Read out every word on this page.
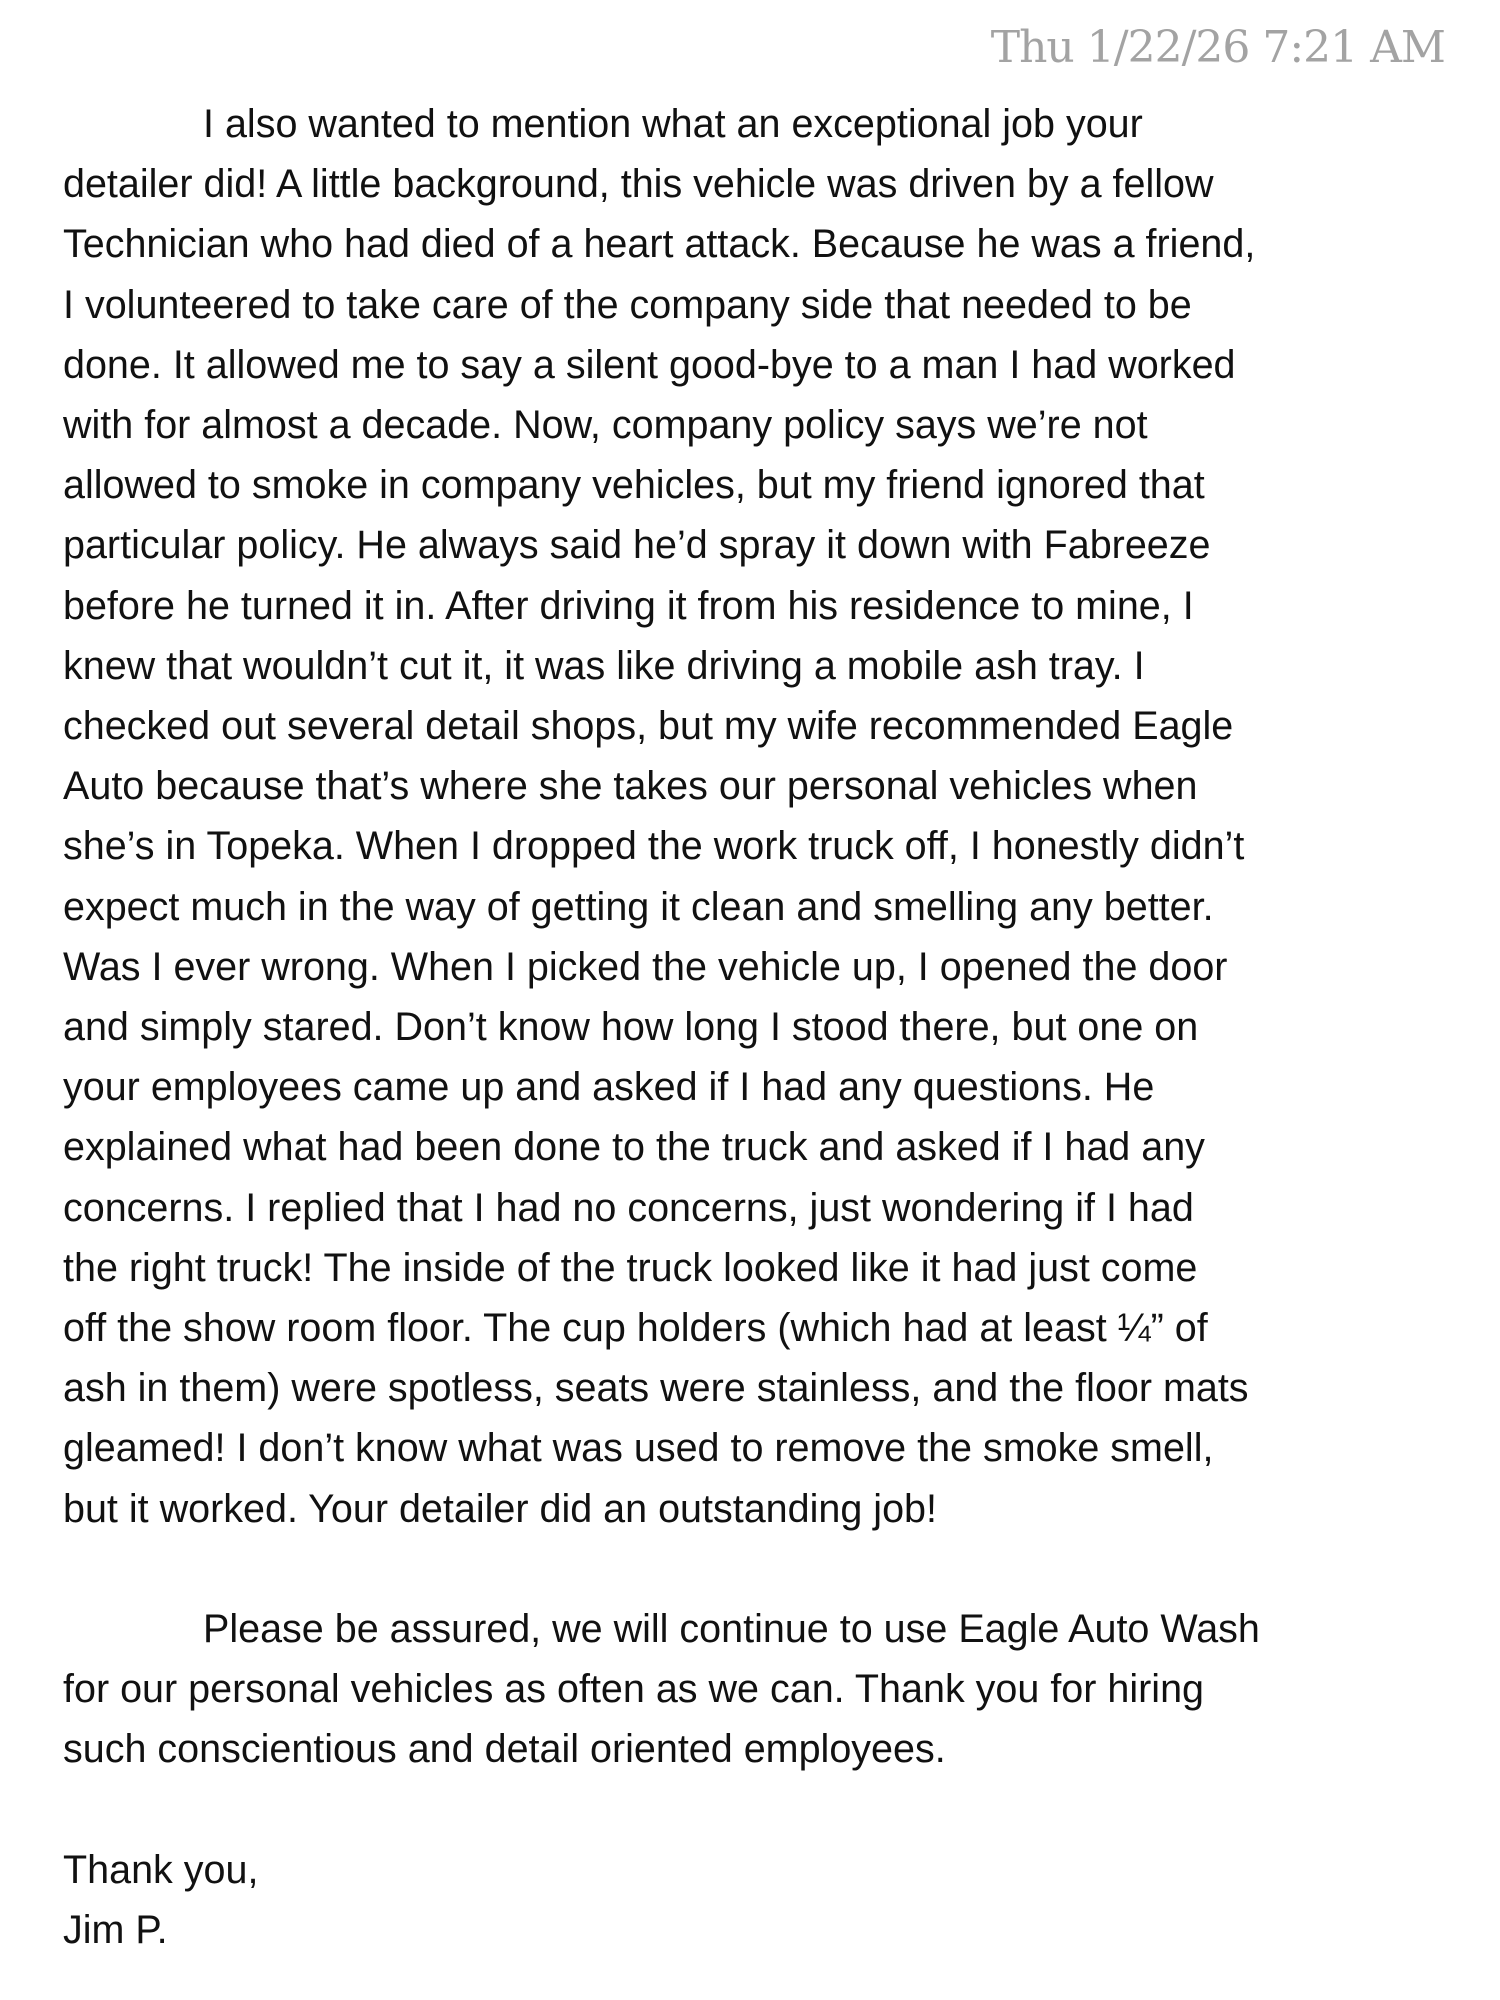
Thu 1/22/26 7:21 AM
I also wanted to mention what an exceptional job your
detailer did! A little background, this vehicle was driven by a fellow
Technician who had died of a heart attack. Because he was a friend,
I volunteered to take care of the company side that needed to be
done. It allowed me to say a silent good-bye to a man I had worked
with for almost a decade. Now, company policy says we’re not
allowed to smoke in company vehicles, but my friend ignored that
particular policy. He always said he’d spray it down with Fabreeze
before he turned it in. After driving it from his residence to mine, I
knew that wouldn’t cut it, it was like driving a mobile ash tray. I
checked out several detail shops, but my wife recommended Eagle
Auto because that’s where she takes our personal vehicles when
she’s in Topeka. When I dropped the work truck off, I honestly didn’t
expect much in the way of getting it clean and smelling any better.
Was I ever wrong. When I picked the vehicle up, I opened the door
and simply stared. Don’t know how long I stood there, but one on
your employees came up and asked if I had any questions. He
explained what had been done to the truck and asked if I had any
concerns. I replied that I had no concerns, just wondering if I had
the right truck! The inside of the truck looked like it had just come
off the show room floor. The cup holders (which had at least ¼” of
ash in them) were spotless, seats were stainless, and the floor mats
gleamed! I don’t know what was used to remove the smoke smell,
but it worked. Your detailer did an outstanding job!
Please be assured, we will continue to use Eagle Auto Wash
for our personal vehicles as often as we can. Thank you for hiring
such conscientious and detail oriented employees.
Thank you,
Jim P.
